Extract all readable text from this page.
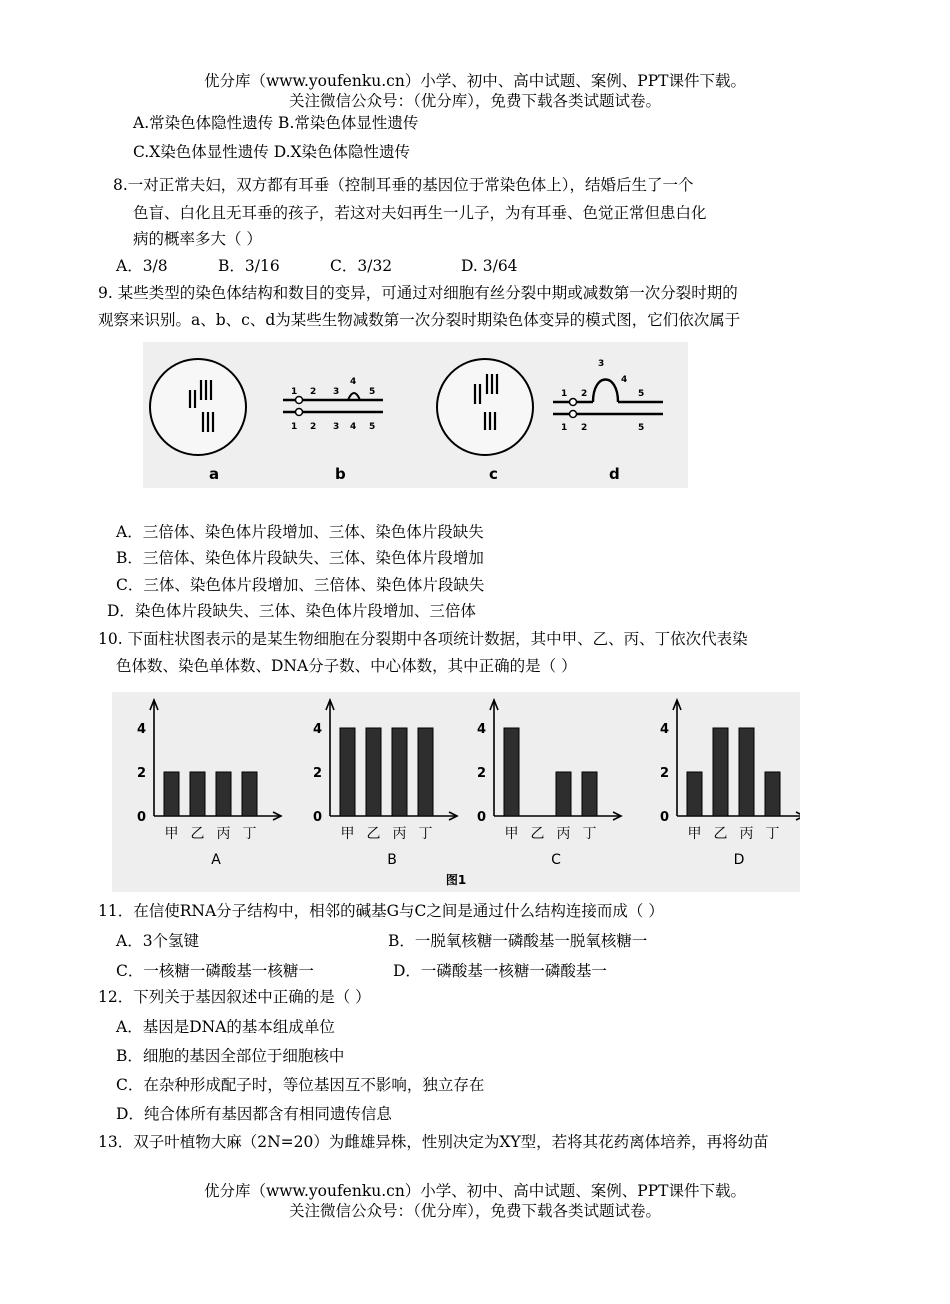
优分库（www.youfenku.cn）小学、初中、高中试题、案例、PPT课件下载。
关注微信公众号：（优分库），免费下载各类试题试卷。
A.常染色体隐性遗传 B.常染色体显性遗传
C.X染色体显性遗传 D.X染色体隐性遗传
8.一对正常夫妇，双方都有耳垂（控制耳垂的基因位于常染色体上），结婚后生了一个
色盲、白化且无耳垂的孩子，若这对夫妇再生一儿子，为有耳垂、色觉正常但患白化
病的概率多大（ ）
A．3/8	B．3/16	C．3/32	D. 3/64
9. 某些类型的染色体结构和数目的变异，可通过对细胞有丝分裂中期或减数第一次分裂时期的
观察来识别。a、b、c、d为某些生物减数第一次分裂时期染色体变异的模式图，它们依次属于
1 2 3
4
5
1 2 3 4 5
1 2
3
4
5
1 2	5
a	b	c	d
A．三倍体、染色体片段增加、三体、染色体片段缺失
B．三倍体、染色体片段缺失、三体、染色体片段增加
C．三体、染色体片段增加、三倍体、染色体片段缺失
D．染色体片段缺失、三体、染色体片段增加、三倍体
10. 下面柱状图表示的是某生物细胞在分裂期中各项统计数据，其中甲、乙、丙、丁依次代表染
色体数、染色单体数、DNA分子数、中心体数，其中正确的是（ ）
图1
0
2
4
甲 乙 丙 丁
A
0
2
4
甲 乙 丙 丁
B
0
2
4
甲 乙 丙 丁
C
0
2
4
甲 乙 丙 丁
D
11．在信使RNA分子结构中，相邻的碱基G与C之间是通过什么结构连接而成（ ）
A．3个氢键	B．一脱氧核糖一磷酸基一脱氧核糖一
C．一核糖一磷酸基一核糖一	D．一磷酸基一核糖一磷酸基一
12．下列关于基因叙述中正确的是（ ）
A．基因是DNA的基本组成单位
B．细胞的基因全部位于细胞核中
C．在杂种形成配子时，等位基因互不影响，独立存在
D．纯合体所有基因都含有相同遗传信息
13．双子叶植物大麻（2N=20）为雌雄异株，性别决定为XY型，若将其花药离体培养，再将幼苗
优分库（www.youfenku.cn）小学、初中、高中试题、案例、PPT课件下载。
关注微信公众号：（优分库），免费下载各类试题试卷。
